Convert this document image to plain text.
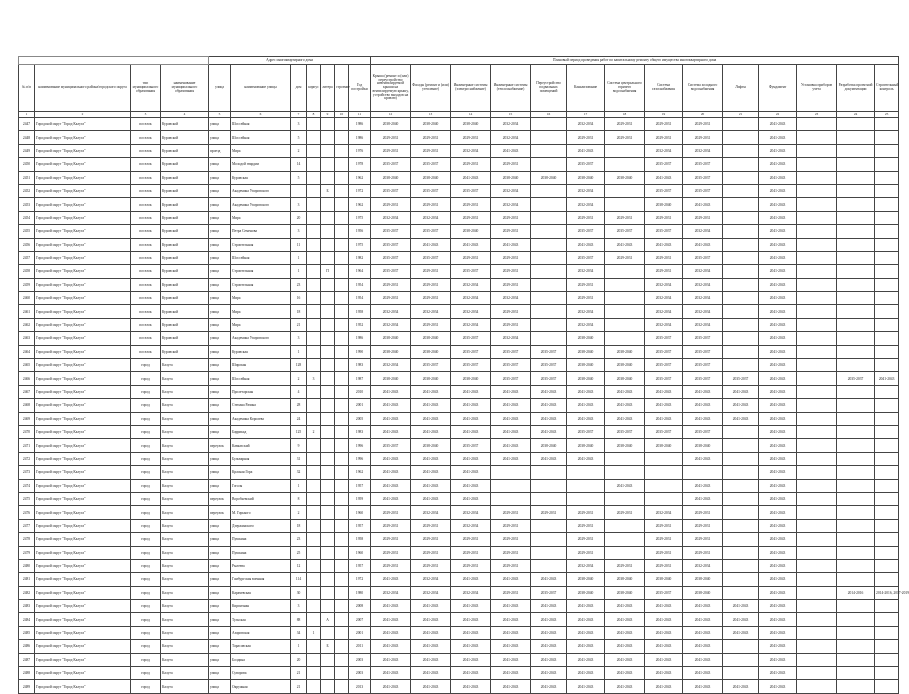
				Адрес многоквартирного дома							Плановый период проведения работ по капитальному ремонту общего имущества многоквартирного дома													
№ п/п	наименование муниципального района/городского округа	тип муниципального образования	наименование муниципального образования	улица	наименование улицы	дом	корпус	литера	строение	Год постройки	Крыша (ремонт и (или) переустройство невентилируемой крыши на вентилируемую крышу, устройство выходов на кровлю)	Фасады (ремонт и (или) утепление)	Инженерные системы (электроснабжение)	Инженерные системы (теплоснабжение)	Переустройство подвальных помещений	Канализование	Система центрального горячего водоснабжения	Система газоснабжения	Система холодного водоснабжения	Лифты	Фундамент	Установка приборов учета	Разработка проектной документации	Строительный контроль
1	2	3	4	5	6	7	8	9	10	11	12	13	14	15	16	17	18	19	20	21	22	23	24	25
2447	Городской округ "Город Калуга"	поселок	Куровской	улица	Шоссейная	3				1986	2038-2040	2038-2040	2038-2040	2032-2034		2032-2034	2029-2031	2029-2031	2029-2031		2041-2043			
2448	Городской округ "Город Калуга"	поселок	Куровской	улица	Шоссейная	5				1986	2029-2031	2029-2031	2029-2031	2032-2034		2029-2031	2029-2031	2029-2031	2029-2031		2041-2043			
2449	Городской округ "Город Калуга"	поселок	Куровской	проезд	Мира	2				1976	2029-2031	2029-2031	2032-2034	2041-2043		2041-2043		2032-2034	2032-2034		2041-2043			
2450	Городской округ "Город Калуга"	поселок	Куровской	улица	Молодой гвардии	14				1978	2035-2037	2035-2037	2029-2031	2029-2031		2035-2037		2035-2037	2035-2037		2041-2043			
2451	Городской округ "Город Калуга"	поселок	Куровской	улица	Куровская	5				1962	2038-2040	2038-2040	2041-2043	2038-2040	2038-2040	2038-2040	2038-2040	2041-2043	2035-2037		2041-2043			
2452	Городской округ "Город Калуга"	поселок	Куровской	улица	Академика Упоровского			Б		1972	2035-2037	2035-2037	2035-2037	2032-2034		2032-2034		2035-2037	2035-2037		2041-2043			
2453	Городской округ "Город Калуга"	поселок	Куровской	улица	Академика Упоровского	3				1962	2029-2031	2029-2031	2029-2031	2032-2034		2032-2034		2038-2040	2041-2043		2041-2043			
2454	Городской округ "Город Калуга"	поселок	Куровской	улица	Мира	20				1975	2032-2034	2032-2034	2029-2031	2029-2031		2029-2031	2029-2031	2029-2031	2029-2031		2041-2043			
2455	Городской округ "Город Калуга"	поселок	Куровской	улица	Петра Семенова	3				1956	2035-2037	2035-2037	2038-2040	2029-2031		2035-2037	2035-2037	2035-2037	2032-2034		2041-2043			
2456	Городской округ "Город Калуга"	поселок	Куровской	улица	Строительная	11				1975	2035-2037	2041-2043	2041-2043	2041-2043		2041-2043	2041-2043	2041-2043	2041-2043		2041-2043			
2457	Городской округ "Город Калуга"	поселок	Куровской	улица	Шоссейная	1				1982	2035-2037	2035-2037	2029-2031	2029-2031		2035-2037	2029-2031	2029-2031	2035-2037		2041-2043			
2458	Городской округ "Город Калуга"	поселок	Куровской	улица	Строительная	1		П		1964	2035-2037	2029-2031	2035-2037	2029-2031		2032-2034		2029-2031	2032-2034		2041-2043			
2459	Городской округ "Город Калуга"	поселок	Куровской	улица	Строительная	23				1954	2029-2031	2029-2031	2032-2034	2029-2031		2029-2031		2032-2034	2032-2034		2041-2043			
2460	Городской округ "Город Калуга"	поселок	Куровской	улица	Мира	16				1954	2029-2031	2029-2031	2032-2034	2032-2034		2029-2031		2032-2034	2032-2034		2041-2043			
2461	Городской округ "Город Калуга"	поселок	Куровской	улица	Мира	18				1958	2032-2034	2032-2034	2032-2034	2029-2031		2032-2034		2032-2034	2032-2034		2041-2043			
2462	Городской округ "Город Калуга"	поселок	Куровской	улица	Мира	21				1952	2032-2034	2029-2031	2032-2034	2029-2031		2032-2034		2032-2034	2032-2034		2041-2043			
2463	Городской округ "Город Калуга"	поселок	Куровской	улица	Академика Упоровского	3				1986	2038-2040	2038-2040	2035-2037	2032-2034		2038-2040		2035-2037	2035-2037		2041-2043			
2464	Городской округ "Город Калуга"	поселок	Куровской	улица	Куровская	1				1990	2038-2040	2038-2040	2035-2037	2035-2037	2035-2037	2038-2040	2038-2040	2035-2037	2035-2037		2041-2043			
2465	Городской округ "Город Калуга"	город	Калуга	улица	Широкая	128				1983	2032-2034	2035-2037	2035-2037	2035-2037	2035-2037	2038-2040	2038-2040	2035-2037	2035-2037		2041-2043			
2466	Городской округ "Город Калуга"	город	Калуга	улица	Шоссейная	2	3			1987	2038-2040	2038-2040	2038-2040	2035-2037	2035-2037	2038-2040	2038-2040	2035-2037	2035-2037	2035-2037	2041-2043		2035-2037	2041-2043
2467	Городской округ "Город Калуга"	город	Калуга	улица	Пролетарская	4				2010	2041-2043	2041-2043	2041-2043	2041-2043	2041-2043	2041-2043	2041-2043	2041-2043	2041-2043	2041-2043	2041-2043			
2468	Городской округ "Город Калуга"	город	Калуга	улица	Степана Разина	28				2001	2041-2043	2041-2043	2041-2043	2041-2043	2041-2043	2041-2043	2041-2043	2041-2043	2041-2043	2041-2043	2041-2043			
2469	Городской округ "Город Калуга"	город	Калуга	улица	Академика Королева	24				2005	2041-2043	2041-2043	2041-2043	2041-2043	2041-2043	2041-2043	2041-2043	2041-2043	2041-2043	2041-2043	2041-2043			
2470	Городской округ "Город Калуга"	город	Калуга	улица	Баррикад	125	2			1983	2041-2043	2041-2043	2041-2043	2041-2043	2041-2043	2035-2037	2035-2037	2035-2037	2035-2037		2041-2043			
2471	Городской округ "Город Калуга"	город	Калуга	переулок	Кавказский	9				1996	2035-2037	2038-2040	2035-2037	2041-2043	2038-2040	2038-2040	2038-2040	2038-2040	2038-2040		2041-2043			
2472	Городской округ "Город Калуга"	город	Калуга	улица	Бульварная	31				1996	2041-2043	2041-2043	2041-2043	2041-2043	2041-2043	2041-2043			2041-2043		2041-2043			
2473	Городской округ "Город Калуга"	город	Калуга	улица	Красная Гора	32				1962	2041-2043	2041-2043	2041-2043								2041-2043			
2474	Городской округ "Город Калуга"	город	Калуга	улица	Гоголя	1				1957	2041-2043	2041-2043	2041-2043				2041-2043		2041-2043		2041-2043			
2475	Городской округ "Город Калуга"	город	Калуга	переулок	Воробьевский	8				1959	2041-2043	2041-2043	2041-2043						2041-2043		2041-2043			
2476	Городской округ "Город Калуга"	город	Калуга	переулок	М. Горького	2				1960	2029-2031	2032-2034	2032-2034	2029-2031	2029-2031	2029-2031	2029-2031	2032-2034	2029-2031		2041-2043			
2477	Городской округ "Город Калуга"	город	Калуга	улица	Дзержинского	18				1957	2029-2031	2029-2031	2032-2034	2029-2031		2029-2031		2029-2031	2029-2031		2041-2043			
2478	Городской округ "Город Калуга"	город	Калуга	улица	Пушкина	23				1958	2029-2031	2029-2031	2029-2031	2029-2031		2029-2031		2029-2031	2029-2031		2041-2043			
2479	Городской округ "Город Калуга"	город	Калуга	улица	Пушкина	25				1960	2029-2031	2029-2031	2029-2031	2029-2031		2029-2031		2029-2031	2029-2031		2041-2043			
2480	Городской округ "Город Калуга"	город	Калуга	улица	Рылеева	12				1957	2029-2031	2029-2031	2029-2031	2029-2031		2032-2034	2029-2031	2029-2031	2032-2034		2041-2043			
2481	Городской округ "Город Калуга"	город	Калуга	улица	Гамбургская военная	114				1972	2041-2043	2032-2034	2041-2043	2041-2043	2041-2043	2038-2040	2038-2040	2038-2040	2038-2040		2041-2043			
2482	Городской округ "Город Калуга"	город	Калуга	улица	Карачевская	30				1980	2032-2034	2032-2034	2032-2034	2029-2031	2035-2037	2038-2040	2038-2040	2035-2037	2038-2040		2041-2043		2014-2016	2014-2016, 2017-2019
2483	Городской округ "Город Калуга"	город	Калуга	улица	Кирпичная	3				2008	2041-2043	2041-2043	2041-2043	2041-2043	2041-2043	2041-2043	2041-2043	2041-2043	2041-2043	2041-2043	2041-2043			
2484	Городской округ "Город Калуга"	город	Калуга	улица	Тульская	88		А		2007	2041-2043	2041-2043	2041-2043	2041-2043	2041-2043	2041-2043	2041-2043	2041-2043	2041-2043	2041-2043	2041-2043			
2485	Городской округ "Город Калуга"	город	Калуга	улица	Азаровская	34	1			2001	2041-2043	2041-2043	2041-2043	2041-2043	2041-2043	2041-2043	2041-2043	2041-2043	2041-2043	2041-2043	2041-2043			
2486	Городской округ "Город Калуга"	город	Калуга	улица	Тарасовская	1		Б		2011	2041-2043	2041-2043	2041-2043	2041-2043	2041-2043	2041-2043	2041-2043	2041-2043	2041-2043		2041-2043			
2487	Городской округ "Город Калуга"	город	Калуга	улица	Болдина	20				2003	2041-2043	2041-2043	2041-2043	2041-2043	2041-2043	2041-2043	2041-2043	2041-2043	2041-2043		2041-2043			
2488	Городской округ "Город Калуга"	город	Калуга	улица	Суворова	21				2003	2041-2043	2041-2043	2041-2043	2041-2043	2041-2043	2041-2043	2041-2043	2041-2043	2041-2043		2041-2043			
2489	Городской округ "Город Калуга"	город	Калуга	улица	Окружная	21				2013	2041-2043	2041-2043	2041-2043	2041-2043	2041-2043	2041-2043	2041-2043	2041-2043	2041-2043	2041-2043	2041-2043			
